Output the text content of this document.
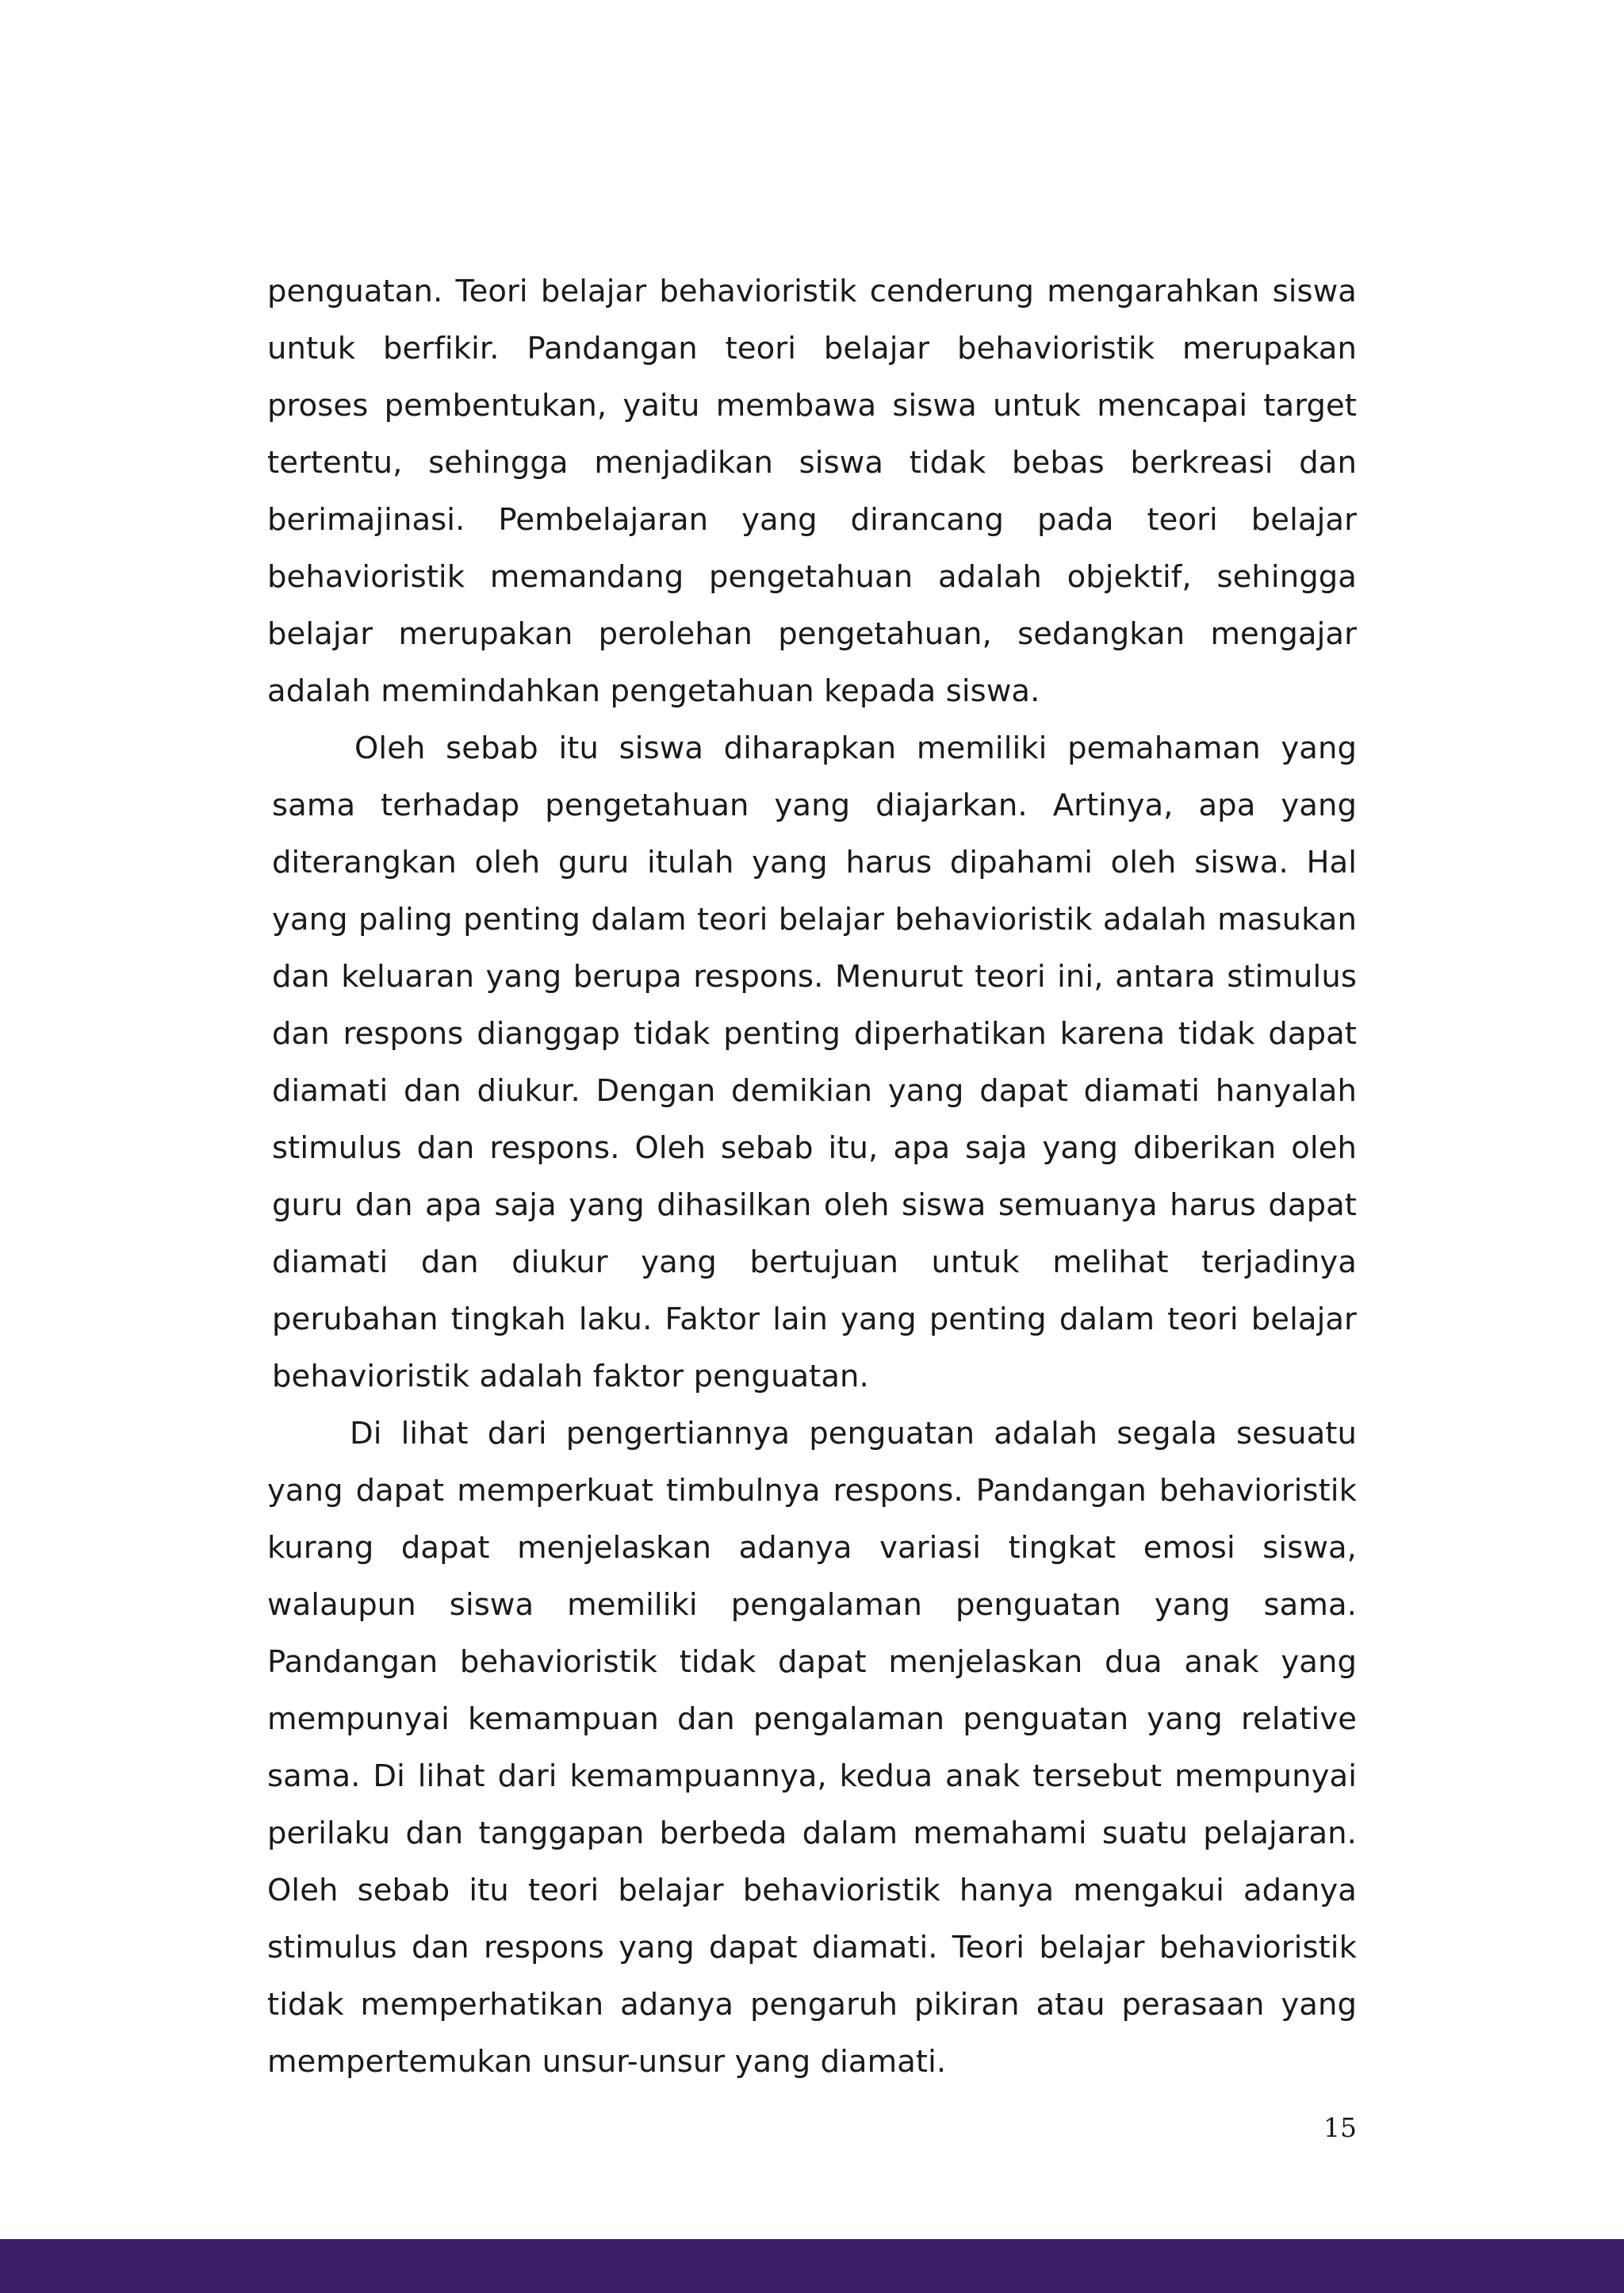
penguatan. Teori belajar behavioristik cenderung mengarahkan siswa untuk berfikir. Pandangan teori belajar behavioristik merupakan proses pembentukan, yaitu membawa siswa untuk mencapai target tertentu, sehingga menjadikan siswa tidak bebas berkreasi dan berimajinasi. Pembelajaran yang dirancang pada teori belajar behavioristik memandang pengetahuan adalah objektif, sehingga belajar merupakan perolehan pengetahuan, sedangkan mengajar adalah memindahkan pengetahuan kepada siswa.

Oleh sebab itu siswa diharapkan memiliki pemahaman yang sama terhadap pengetahuan yang diajarkan. Artinya, apa yang diterangkan oleh guru itulah yang harus dipahami oleh siswa. Hal yang paling penting dalam teori belajar behavioristik adalah masukan dan keluaran yang berupa respons. Menurut teori ini, antara stimulus dan respons dianggap tidak penting diperhatikan karena tidak dapat diamati dan diukur. Dengan demikian yang dapat diamati hanyalah stimulus dan respons. Oleh sebab itu, apa saja yang diberikan oleh guru dan apa saja yang dihasilkan oleh siswa semuanya harus dapat diamati dan diukur yang bertujuan untuk melihat terjadinya perubahan tingkah laku. Faktor lain yang penting dalam teori belajar behavioristik adalah faktor penguatan.

Di lihat dari pengertiannya penguatan adalah segala sesuatu yang dapat memperkuat timbulnya respons. Pandangan behavioristik kurang dapat menjelaskan adanya variasi tingkat emosi siswa, walaupun siswa memiliki pengalaman penguatan yang sama. Pandangan behavioristik tidak dapat menjelaskan dua anak yang mempunyai kemampuan dan pengalaman penguatan yang relative sama. Di lihat dari kemampuannya, kedua anak tersebut mempunyai perilaku dan tanggapan berbeda dalam memahami suatu pelajaran. Oleh sebab itu teori belajar behavioristik hanya mengakui adanya stimulus dan respons yang dapat diamati. Teori belajar behavioristik tidak memperhatikan adanya pengaruh pikiran atau perasaan yang mempertemukan unsur-unsur yang diamati.

15
